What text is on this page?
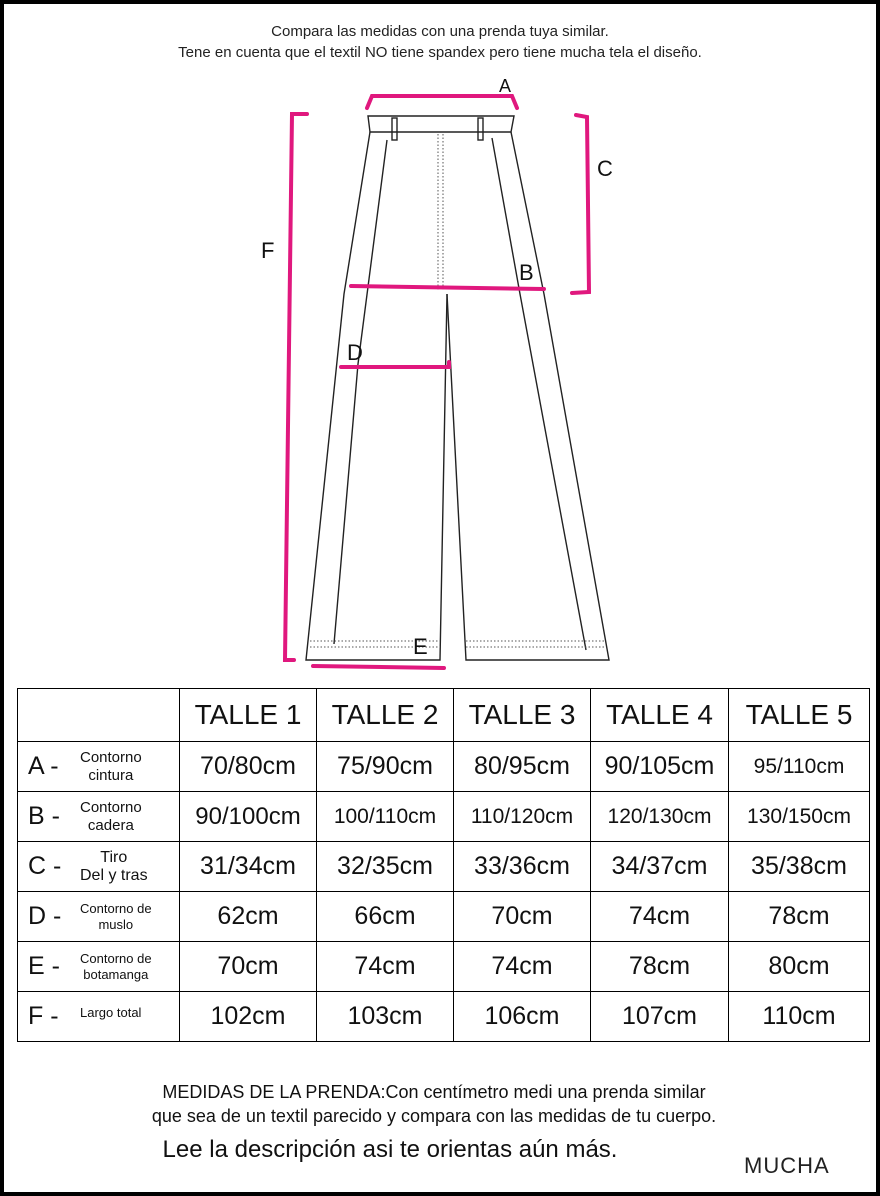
Compara las medidas con una prenda tuya similar.
Tene en cuenta que el textil NO tiene spandex pero tiene mucha tela el diseño.
A
B
C
D
E
F
	TALLE 1	TALLE 2	TALLE 3	TALLE 4	TALLE 5

A - Contorno
cintura	70/80cm	75/90cm	80/95cm	90/105cm	95/110cm

B - Contorno
cadera	90/100cm	100/110cm	110/120cm	120/130cm	130/150cm

C - Tiro
Del y tras	31/34cm	32/35cm	33/36cm	34/37cm	35/38cm

D - Contorno de
muslo	62cm	66cm	70cm	74cm	78cm

E - Contorno de
botamanga	70cm	74cm	74cm	78cm	80cm

F - Largo total	102cm	103cm	106cm	107cm	110cm
MEDIDAS DE LA PRENDA:Con centímetro medi una prenda similar
que sea de un textil parecido y compara con las medidas de tu cuerpo.
Lee la descripción asi te orientas aún más.
MUCHA
